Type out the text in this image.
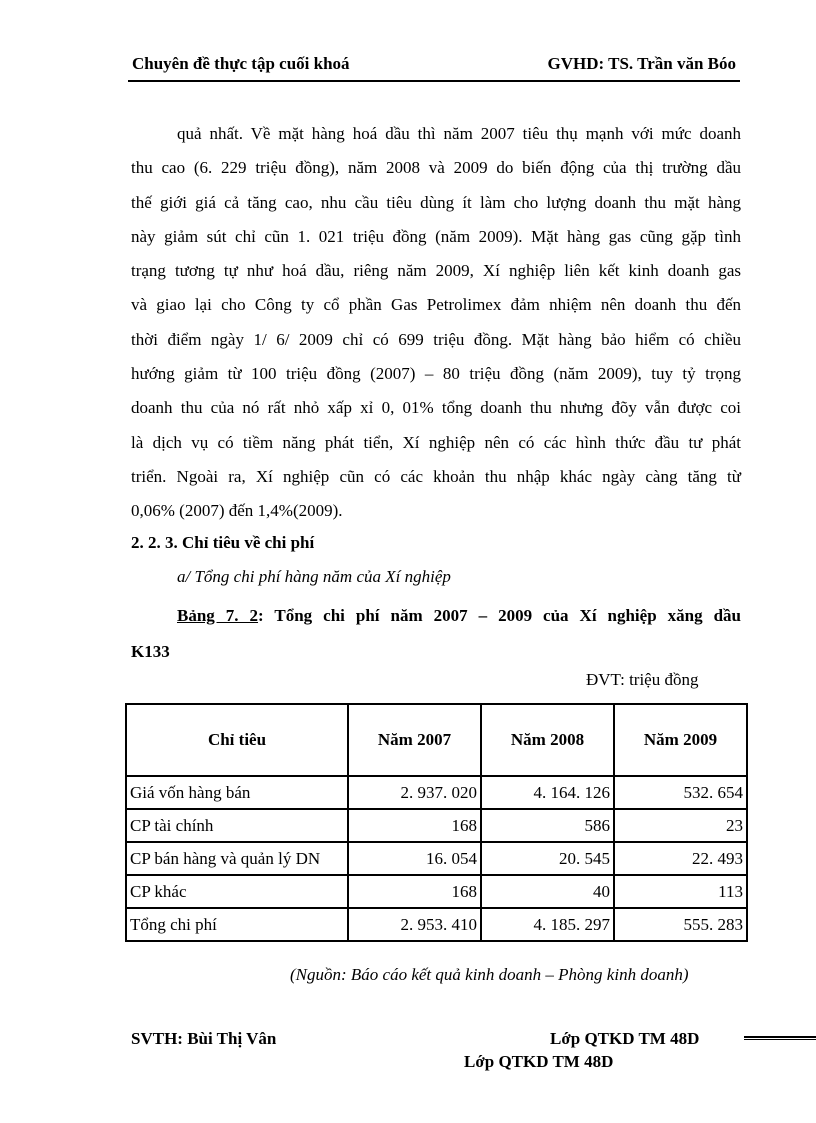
Chuyên đề thực tập cuối khoá	GVHD: TS. Trần văn Bóo
quả nhất. Về mặt hàng hoá dầu thì năm 2007 tiêu thụ mạnh với mức doanh
thu cao (6. 229 triệu đồng), năm 2008 và 2009 do biến động của thị trường dầu
thế giới giá cả tăng cao, nhu cầu tiêu dùng ít làm cho lượng doanh thu mặt hàng
này giảm sút chỉ cũn 1. 021 triệu đồng (năm 2009). Mặt hàng gas cũng gặp tình
trạng tương tự như hoá dầu, riêng năm 2009, Xí nghiệp liên kết kinh doanh gas
và giao lại cho Công ty cổ phần Gas Petrolimex đảm nhiệm nên doanh thu đến
thời điểm ngày 1/ 6/ 2009 chỉ có 699 triệu đồng. Mặt hàng bảo hiểm có chiều
hướng giảm từ 100 triệu đồng (2007) – 80 triệu đồng (năm 2009), tuy tỷ trọng
doanh thu của nó rất nhỏ xấp xỉ 0, 01% tổng doanh thu nhưng đõy vẫn được coi
là dịch vụ có tiềm năng phát tiển, Xí nghiệp nên có các hình thức đầu tư phát
triển. Ngoài ra, Xí nghiệp cũn có các khoản thu nhập khác ngày càng tăng từ
0,06% (2007) đến 1,4%(2009).
2. 2. 3. Chỉ tiêu về chi phí
a/ Tổng chi phí hàng năm của Xí nghiệp
Bảng 7. 2: Tổng chi phí năm 2007 – 2009 của Xí nghiệp xăng dầu
K133
ĐVT: triệu đồng
Chỉ tiêu	Năm 2007	Năm 2008	Năm 2009
Giá vốn hàng bán	2. 937. 020	4. 164. 126	532. 654
CP tài chính	168	586	23
CP bán hàng và quản lý DN	16. 054	20. 545	22. 493
CP khác	168	40	113
Tổng chi phí	2. 953. 410	4. 185. 297	555. 283
(Nguồn: Báo cáo kết quả kinh doanh – Phòng kinh doanh)
SVTH: Bùi Thị Vân	Lớp QTKD TM 48D
Lớp QTKD TM 48D
